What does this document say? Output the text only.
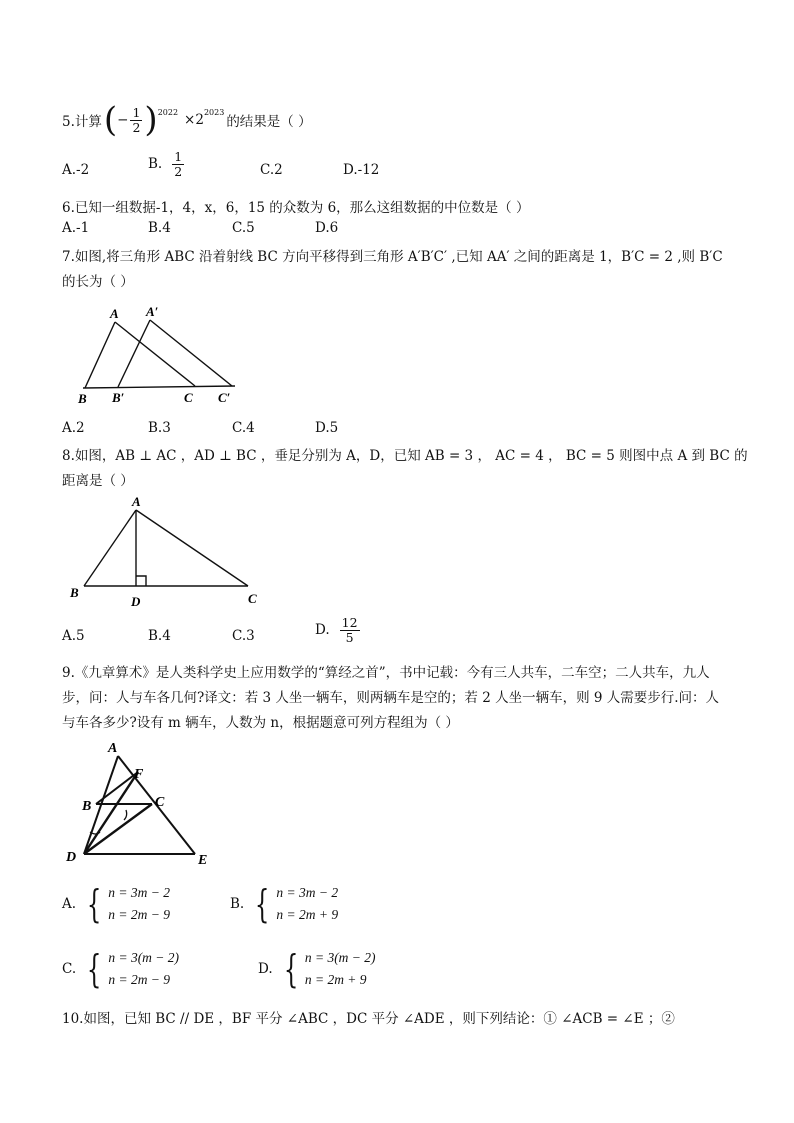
5.计算 ( − $\frac{1}{2}$ ) 2022 ×2 2023
的结果是（ ）
A.-2	B. $\frac{1}{2}$	C.2	D.-12
6.已知一组数据-1，4，x，6，15 的众数为 6，那么这组数据的中位数是（ ）
A.-1	B.4	C.5	D.6
7.如图,将三角形 ABC 沿着射线 BC 方向平移得到三角形 A′B′C′ ,已知 AA′ 之间的距离是 1，B′C = 2 ,则 B′C
的长为（ ）
A A′
B B′	C C′
A.2	B.3	C.4	D.5
8.如图，AB ⊥ AC ，AD ⊥ BC ，垂足分别为 A，D，已知 AB = 3 ， AC = 4 ， BC = 5 则图中点 A 到 BC 的
距离是（ ）
A
B
D	C
A.5	B.4	C.3	D. $\frac{12}{5}$
9.《九章算术》是人类科学史上应用数学的“算经之首”，书中记载：今有三人共车，二车空；二人共车，九人
步，问：人与车各几何?译文：若 3 人坐一辆车，则两辆车是空的；若 2 人坐一辆车，则 9 人需要步行.问：人
与车各多少?设有 m 辆车，人数为 n，根据题意可列方程组为（ ）
A
F
B	C
D	E
A. { n = 3m − 2
n = 2m − 9
B. { n = 3m − 2
n = 2m + 9
C. { n = 3(m − 2)
n = 2m − 9
D. { n = 3(m − 2)
n = 2m + 9
10.如图，已知 BC // DE ，BF 平分 ∠ABC ，DC 平分 ∠ADE ，则下列结论：① ∠ACB = ∠E ；②
